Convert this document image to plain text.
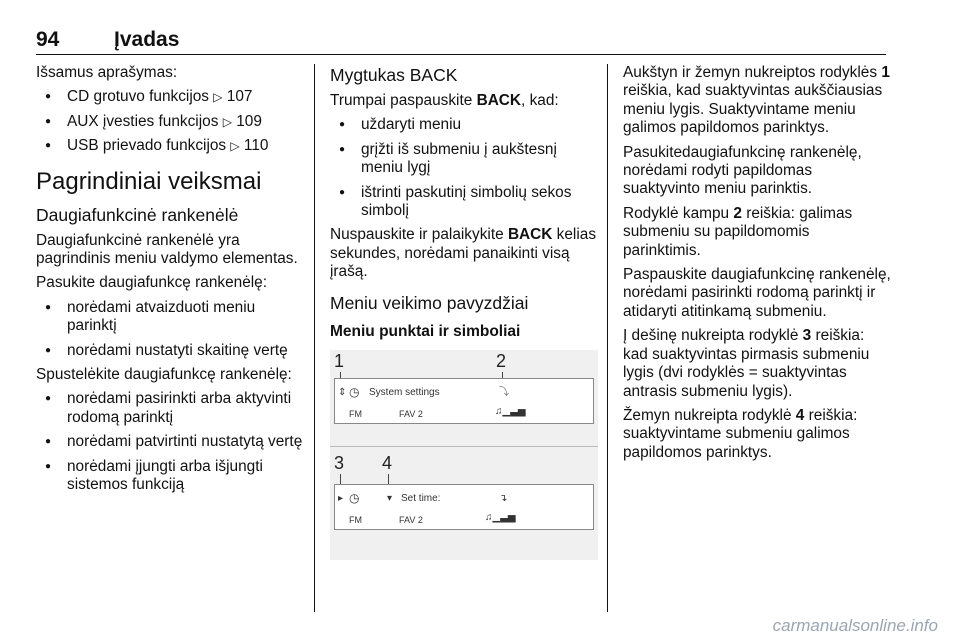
94	Įvadas

Išsamus aprašymas:

● CD grotuvo funkcijos ▷ 107
● AUX įvesties funkcijos ▷ 109
● USB prievado funkcijos ▷ 110
Pagrindiniai veiksmai
Daugiafunkcinė rankenėlė

Daugiafunkcinė rankenėlė yra pagrindinis meniu valdymo elementas.

Pasukite daugiafunkcę rankenėlę:

● norėdami atvaizduoti meniu parinktį
● norėdami nustatyti skaitinę vertę

Spustelėkite daugiafunkcę rankenėlę:

● norėdami pasirinkti arba aktyvinti rodomą parinktį
● norėdami patvirtinti nustatytą vertę
● norėdami įjungti arba išjungti sistemos funkciją
Mygtukas BACK

Trumpai paspauskite BACK, kad:

● uždaryti meniu
● grįžti iš submeniu į aukštesnį meniu lygį
● ištrinti paskutinį simbolių sekos simbolį

Nuspauskite ir palaikykite BACK kelias sekundes, norėdami panaikinti visą įrašą.

Meniu veikimo pavyzdžiai
Meniu punktai ir simboliai
1	2
⇕ ◷ System settings	⤵
FM	FAV 2	♫▁▃▅
3 4
▸ ◷	▾ Set time:	↴
FM	FAV 2	♫▁▃▅

Aukštyn ir žemyn nukreiptos rodyklės 1 reiškia, kad suaktyvintas aukščiausias meniu lygis. Suaktyvintame meniu galimos papildomos parinktys.

Pasukitedaugiafunkcinę rankenėlę, norėdami rodyti papildomas suaktyvinto meniu parinktis.

Rodyklė kampu 2 reiškia: galimas submeniu su papildomomis parinktimis.

Paspauskite daugiafunkcinę rankenėlę, norėdami pasirinkti rodomą parinktį ir atidaryti atitinkamą submeniu.

Į dešinę nukreipta rodyklė 3 reiškia: kad suaktyvintas pirmasis submeniu lygis (dvi rodyklės = suaktyvintas antrasis submeniu lygis).

Žemyn nukreipta rodyklė 4 reiškia: suaktyvintame submeniu galimos papildomos parinktys.

carmanualsonline.info
